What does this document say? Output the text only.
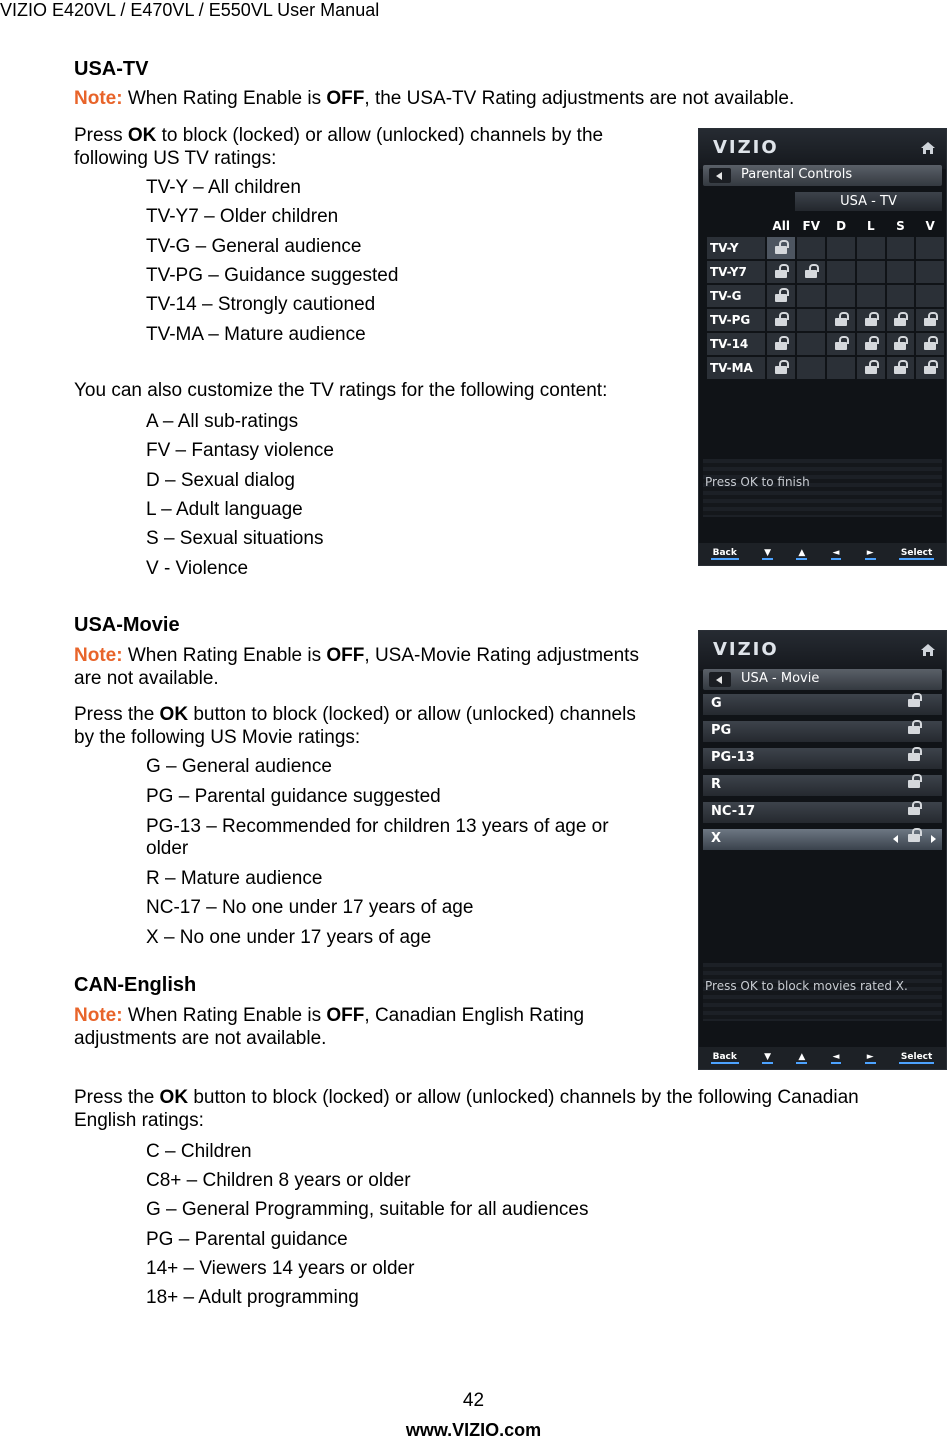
VIZIO E420VL / E470VL / E550VL User Manual
USA-TV
Note: When Rating Enable is OFF, the USA-TV Rating adjustments are not available.
Press OK to block (locked) or allow (unlocked) channels by the
following US TV ratings:
TV-Y – All children
TV-Y7 – Older children
TV-G – General audience
TV-PG – Guidance suggested
TV-14 – Strongly cautioned
TV-MA – Mature audience
You can also customize the TV ratings for the following content:
A – All sub-ratings
FV – Fantasy violence
D – Sexual dialog
L – Adult language
S – Sexual situations
V - Violence
USA-Movie
Note: When Rating Enable is OFF, USA-Movie Rating adjustments
are not available.
Press the OK button to block (locked) or allow (unlocked) channels
by the following US Movie ratings:
G – General audience
PG – Parental guidance suggested
PG-13 – Recommended for children 13 years of age or
older
R – Mature audience
NC-17 – No one under 17 years of age
X – No one under 17 years of age
CAN-English
Note: When Rating Enable is OFF, Canadian English Rating
adjustments are not available.
Press the OK button to block (locked) or allow (unlocked) channels by the following Canadian
English ratings:
C – Children
C8+ – Children 8 years or older
G – General Programming, suitable for all audiences
PG – Parental guidance
14+ – Viewers 14 years or older
18+ – Adult programming
VIZIO
Parental Controls
USA - TV
	All	FV	D	L	S	V
TV-Y						
TV-Y7						
TV-G						
TV-PG						
TV-14						
TV-MA						
Press OK to finish
Back	▼	▲	◄	►	Select
VIZIO
USA - Movie
G
PG
PG-13
R
NC-17
X
Press OK to block movies rated X.
Back	▼	▲	◄	►	Select
42
www.VIZIO.com
